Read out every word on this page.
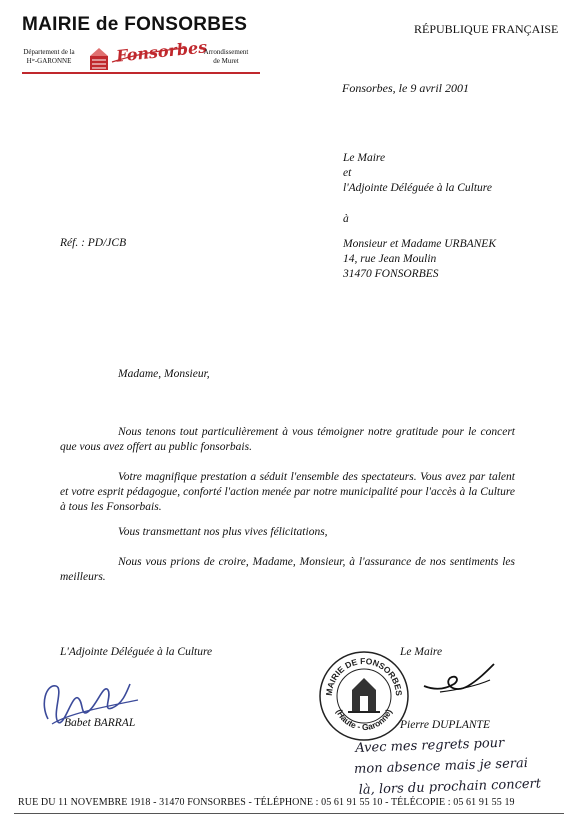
MAIRIE de FONSORBES	RÉPUBLIQUE FRANÇAISE
Département de la
Hᵗᵉ-GARONNE	Fonsorbes
Arrondissement
de Muret
Fonsorbes, le 9 avril 2001
Le Maire
et
l'Adjointe Déléguée à la Culture
à
Réf. : PD/JCB	Monsieur et Madame URBANEK
14, rue Jean Moulin
31470 FONSORBES
Madame, Monsieur,
Nous tenons tout particulièrement à vous témoigner notre gratitude pour le concert que vous avez offert au public fonsorbais.
Votre magnifique prestation a séduit l'ensemble des spectateurs. Vous avez par talent et votre esprit pédagogue, conforté l'action menée par notre municipalité pour l'accès à la Culture à tous les Fonsorbais.
Vous transmettant nos plus vives félicitations,
Nous vous prions de croire, Madame, Monsieur, à l'assurance de nos sentiments les meilleurs.
L'Adjointe Déléguée à la Culture
Babet BARRAL
Le Maire
MAIRIE DE FONSORBES
(Haute - Garonne)
Pierre DUPLANTE
Avec mes regrets pour
mon absence mais je serai
là, lors du prochain concert
RUE DU 11 NOVEMBRE 1918 - 31470 FONSORBES - TÉLÉPHONE : 05 61 91 55 10 - TÉLÉCOPIE : 05 61 91 55 19
